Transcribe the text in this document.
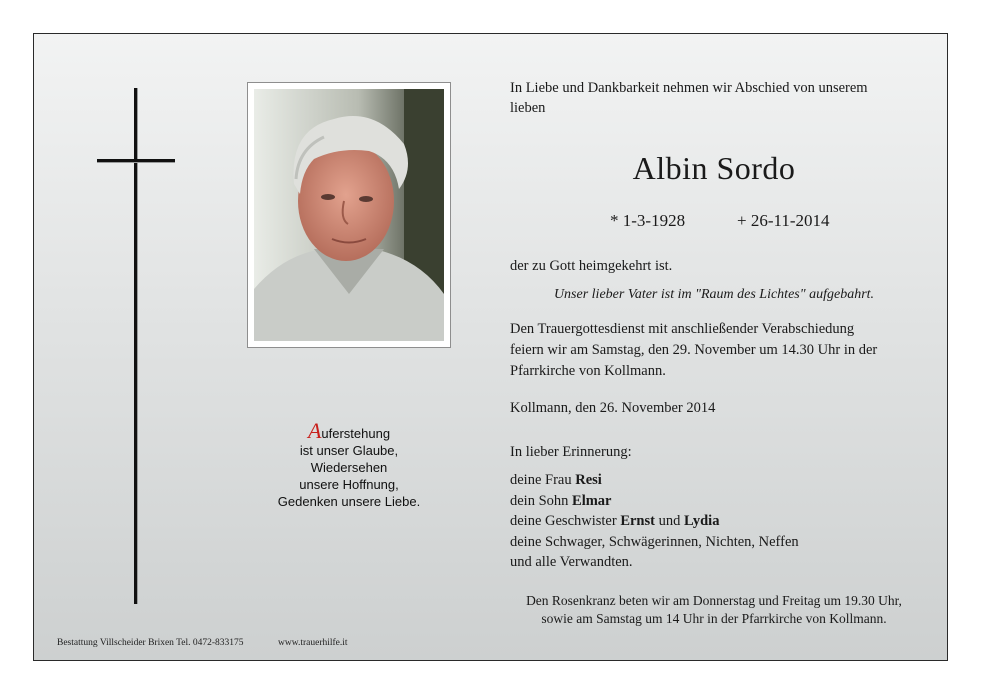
Auferstehung
ist unser Glaube,
Wiedersehen
unsere Hoffnung,
Gedenken unsere Liebe.

In Liebe und Dankbarkeit nehmen wir Abschied von unserem

lieben

Albin Sordo
* 1-3-1928	+ 26-11-2014
der zu Gott heimgekehrt ist.
Unser lieber Vater ist im "Raum des Lichtes" aufgebahrt.
Den Trauergottesdienst mit anschließender Verabschiedung
feiern wir am Samstag, den 29. November um 14.30 Uhr in der
Pfarrkirche von Kollmann.
Kollmann, den 26. November 2014
In lieber Erinnerung:
deine Frau Resi
dein Sohn Elmar
deine Geschwister Ernst und Lydia
deine Schwager, Schwägerinnen, Nichten, Neffen
und alle Verwandten.
Den Rosenkranz beten wir am Donnerstag und Freitag um 19.30 Uhr,
sowie am Samstag um 14 Uhr in der Pfarrkirche von Kollmann.
Bestattung Villscheider Brixen Tel. 0472-833175	www.trauerhilfe.it
